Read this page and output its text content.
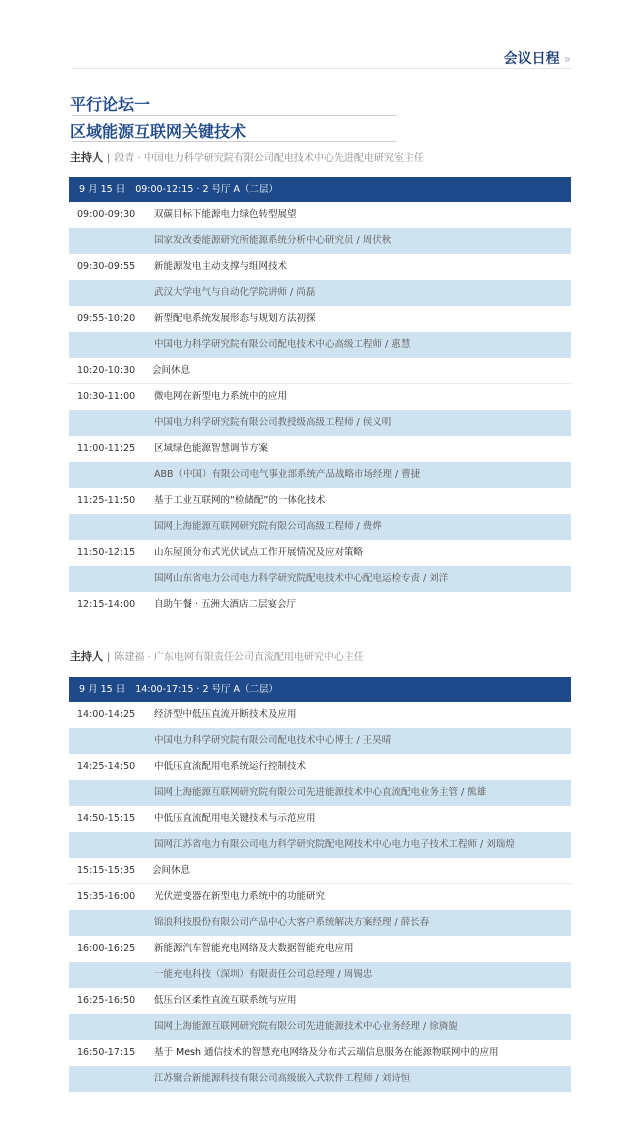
会议日程 »
平行论坛一
区域能源互联网关键技术
主持人 | 段青 · 中国电力科学研究院有限公司配电技术中心先进配电研究室主任
9 月 15 日 09:00-12:15 · 2 号厅 A（二层）
09:00-09:30 双碳目标下能源电力绿色转型展望
国家发改委能源研究所能源系统分析中心研究员 / 周伏秋
09:30-09:55 新能源发电主动支撑与组网技术
武汉大学电气与自动化学院讲师 / 尚磊
09:55-10:20 新型配电系统发展形态与规划方法初探
中国电力科学研究院有限公司配电技术中心高级工程师 / 惠慧
10:20-10:30 会间休息
10:30-11:00 微电网在新型电力系统中的应用
中国电力科学研究院有限公司教授级高级工程师 / 侯义明
11:00-11:25 区域绿色能源智慧调节方案
ABB（中国）有限公司电气事业部系统产品战略市场经理 / 曹捷
11:25-11:50 基于工业互联网的“检储配”的一体化技术
国网上海能源互联网研究院有限公司高级工程师 / 费烨
11:50-12:15 山东屋顶分布式光伏试点工作开展情况及应对策略
国网山东省电力公司电力科学研究院配电技术中心配电运检专责 / 刘洋
12:15-14:00 自助午餐 · 五洲大酒店二层宴会厅
主持人 | 陈建福 · 广东电网有限责任公司直流配用电研究中心主任
9 月 15 日 14:00-17:15 · 2 号厅 A（二层）
14:00-14:25 经济型中低压直流开断技术及应用
中国电力科学研究院有限公司配电技术中心博士 / 王昊晴
14:25-14:50 中低压直流配用电系统运行控制技术
国网上海能源互联网研究院有限公司先进能源技术中心直流配电业务主管 / 熊雄
14:50-15:15 中低压直流配用电关键技术与示范应用
国网江苏省电力有限公司电力科学研究院配电网技术中心电力电子技术工程师 / 刘瑞煌
15:15-15:35 会间休息
15:35-16:00 光伏逆变器在新型电力系统中的功能研究
锦浪科技股份有限公司产品中心大客户系统解决方案经理 / 薛长春
16:00-16:25 新能源汽车智能充电网络及大数据智能充电应用
一能充电科技（深圳）有限责任公司总经理 / 周锡忠
16:25-16:50 低压台区柔性直流互联系统与应用
国网上海能源互联网研究院有限公司先进能源技术中心业务经理 / 徐旖旎
16:50-17:15 基于 Mesh 通信技术的智慧充电网络及分布式云端信息服务在能源物联网中的应用
江苏聚合新能源科技有限公司高级嵌入式软件工程师 / 刘诗恒
